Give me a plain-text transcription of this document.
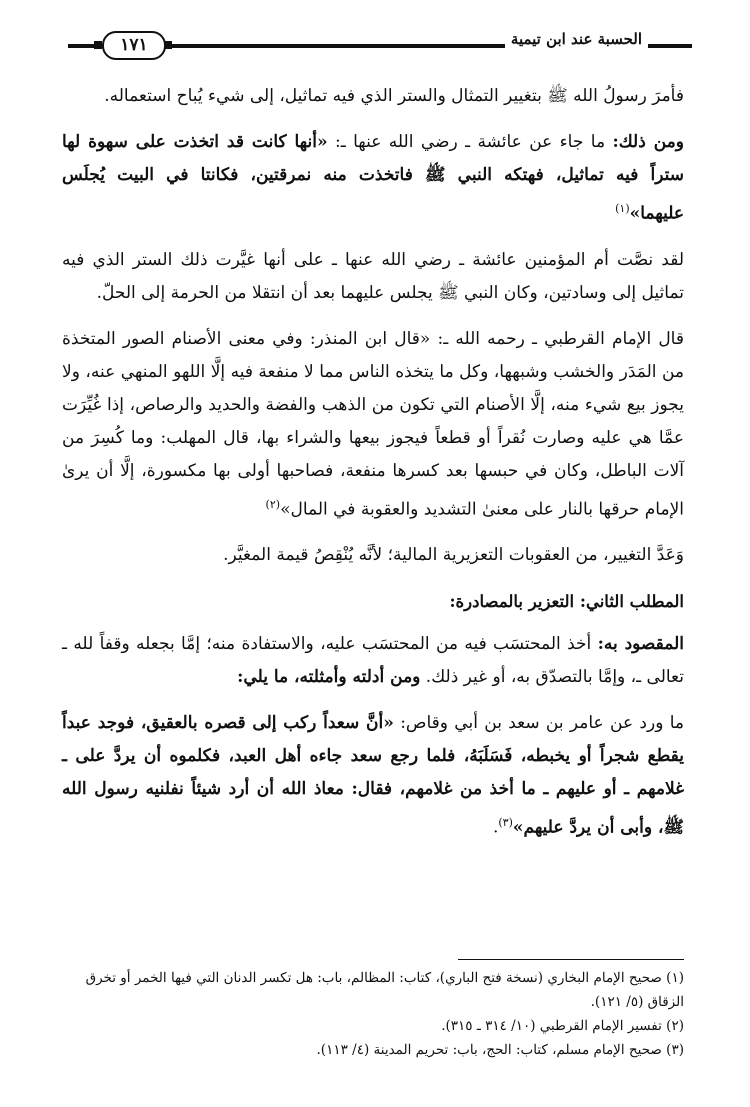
الحسبة عند ابن تيمية
١٧١

فأمرَ رسولُ الله ﷺ بتغيير التمثال والستر الذي فيه تماثيل، إلى شيء يُباح استعماله.

ومن ذلك: ما جاء عن عائشة ـ رضي الله عنها ـ: «أنها كانت قد اتخذت على سهوة لها ستراً فيه تماثيل، فهتكه النبي ﷺ فاتخذت منه نمرقتين، فكانتا في البيت يُجلَس عليهما»$^{(١)}$

لقد نصَّت أم المؤمنين عائشة ـ رضي الله عنها ـ على أنها غيَّرت ذلك الستر الذي فيه تماثيل إلى وسادتين، وكان النبي ﷺ يجلس عليهما بعد أن انتقلا من الحرمة إلى الحلّ.

قال الإمام القرطبي ـ رحمه الله ـ: «قال ابن المنذر: وفي معنى الأصنام الصور المتخذة من المَدَر والخشب وشبهها، وكل ما يتخذه الناس مما لا منفعة فيه إلَّا اللهو المنهي عنه، ولا يجوز بيع شيء منه، إلَّا الأصنام التي تكون من الذهب والفضة والحديد والرصاص، إذا غُيِّرَت عمَّا هي عليه وصارت نُقراً أو قطعاً فيجوز بيعها والشراء بها، قال المهلب: وما كُسِرَ من آلات الباطل، وكان في حبسها بعد كسرها منفعة، فصاحبها أولى بها مكسورة، إلَّا أن يرىٰ الإمام حرقها بالنار على معنىٰ التشديد والعقوبة في المال»$^{(٢)}$

وَعَدَّ التغيير، من العقوبات التعزيرية المالية؛ لأنَّه يُنْقِصُ قيمة المغيَّر.

المطلب الثاني: التعزير بالمصادرة:

المقصود به: أخذ المحتسَب فيه من المحتسَب عليه، والاستفادة منه؛ إمَّا بجعله وقفاً لله ـ تعالى ـ، وإمَّا بالتصدّق به، أو غير ذلك. ومن أدلته وأمثلته، ما يلي:

ما ورد عن عامر بن سعد بن أبي وقاص: «أنَّ سعداً ركب إلى قصره بالعقيق، فوجد عبداً يقطع شجراً أو يخبطه، فَسَلَبَهُ، فلما رجع سعد جاءه أهل العبد، فكلموه أن يردَّ على ـ غلامهم ـ أو عليهم ـ ما أخذ من غلامهم، فقال: معاذ الله أن أرد شيئاً نفلنيه رسول الله ﷺ، وأبى أن يردَّ عليهم»$^{(٣)}$.

(١) صحيح الإمام البخاري (نسخة فتح الباري)، كتاب: المظالم، باب: هل تكسر الدنان التي فيها الخمر أو تخرق الزقاق (٥/ ١٢١).

(٢) تفسير الإمام القرطبي (١٠/ ٣١٤ ـ ٣١٥).

(٣) صحيح الإمام مسلم، كتاب: الحج، باب: تحريم المدينة (٤/ ١١٣).
